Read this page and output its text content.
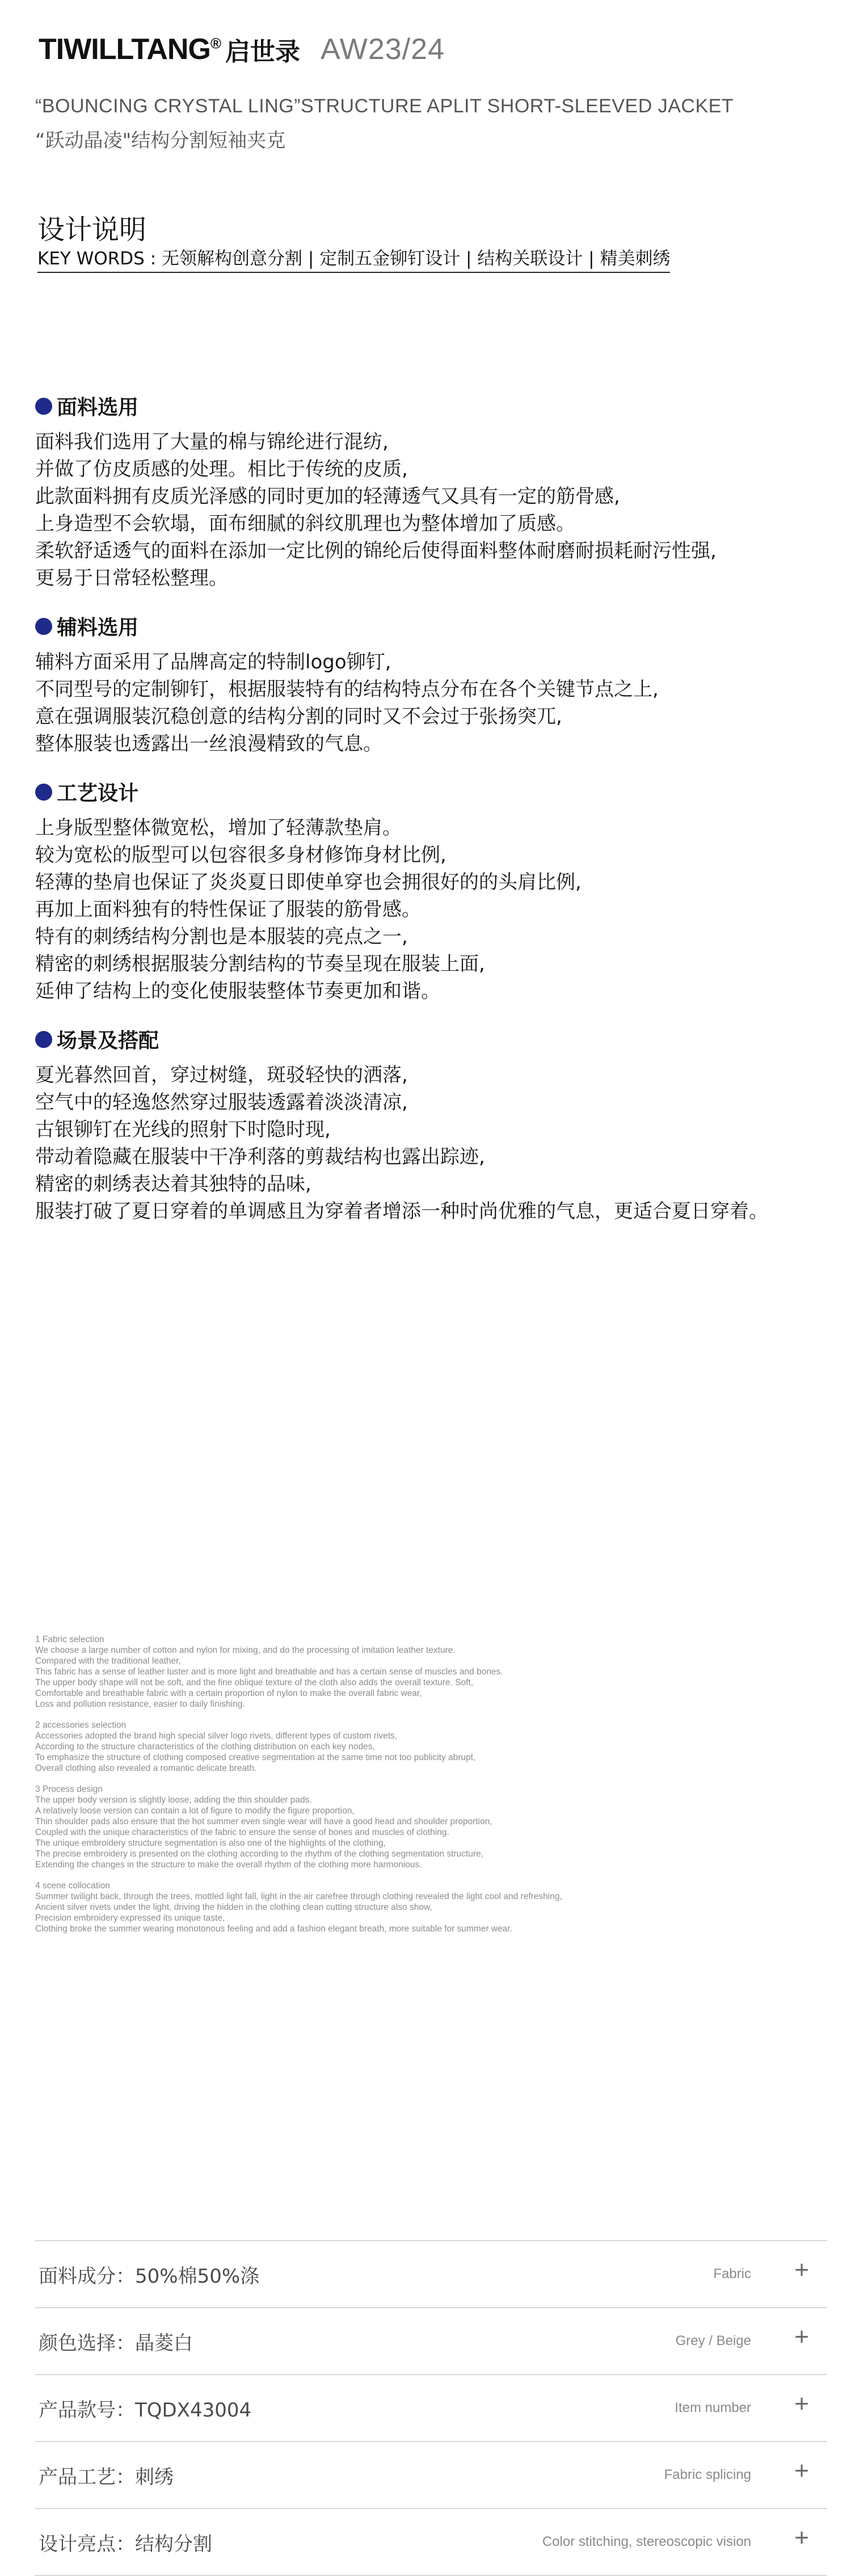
TIWILLTANG® 启世录 AW23/24
“BOUNCING CRYSTAL LING”STRUCTURE APLIT SHORT-SLEEVED JACKET
“跃动晶凌"结构分割短袖夹克
设计说明
KEY WORDS : 无领解构创意分割 | 定制五金铆钉设计 | 结构关联设计 | 精美刺绣
面料选用
面料我们选用了大量的棉与锦纶进行混纺,
并做了仿皮质感的处理。相比于传统的皮质,
此款面料拥有皮质光泽感的同时更加的轻薄透气又具有一定的筋骨感,
上身造型不会软塌，面布细腻的斜纹肌理也为整体增加了质感。
柔软舒适透气的面料在添加一定比例的锦纶后使得面料整体耐磨耐损耗耐污性强,
更易于日常轻松整理。
辅料选用
辅料方面采用了品牌高定的特制logo铆钉,
不同型号的定制铆钉，根据服装特有的结构特点分布在各个关键节点之上,
意在强调服装沉稳创意的结构分割的同时又不会过于张扬突兀,
整体服装也透露出一丝浪漫精致的气息。
工艺设计
上身版型整体微宽松，增加了轻薄款垫肩。
较为宽松的版型可以包容很多身材修饰身材比例,
轻薄的垫肩也保证了炎炎夏日即使单穿也会拥很好的的头肩比例,
再加上面料独有的特性保证了服装的筋骨感。
特有的刺绣结构分割也是本服装的亮点之一,
精密的刺绣根据服装分割结构的节奏呈现在服装上面,
延伸了结构上的变化使服装整体节奏更加和谐。
场景及搭配
夏光暮然回首，穿过树缝，斑驳轻快的洒落,
空气中的轻逸悠然穿过服装透露着淡淡清凉,
古银铆钉在光线的照射下时隐时现,
带动着隐藏在服装中干净利落的剪裁结构也露出踪迹,
精密的刺绣表达着其独特的品味,
服装打破了夏日穿着的单调感且为穿着者增添一种时尚优雅的气息，更适合夏日穿着。
1 Fabric selection
We choose a large number of cotton and nylon for mixing, and do the processing of imitation leather texture.
Compared with the traditional leather,
This fabric has a sense of leather luster and is more light and breathable and has a certain sense of muscles and bones.
The upper body shape will not be soft, and the fine oblique texture of the cloth also adds the overall texture. Soft,
Comfortable and breathable fabric with a certain proportion of nylon to make the overall fabric wear,
Loss and pollution resistance, easier to daily finishing.
2 accessories selection
Accessories adopted the brand high special silver logo rivets, different types of custom rivets,
According to the structure characteristics of the clothing distribution on each key nodes,
To emphasize the structure of clothing composed creative segmentation at the same time not too publicity abrupt,
Overall clothing also revealed a romantic delicate breath.
3 Process design
The upper body version is slightly loose, adding the thin shoulder pads.
A relatively loose version can contain a lot of figure to modify the figure proportion,
Thin shoulder pads also ensure that the hot summer even single wear will have a good head and shoulder proportion,
Coupled with the unique characteristics of the fabric to ensure the sense of bones and muscles of clothing.
The unique embroidery structure segmentation is also one of the highlights of the clothing,
The precise embroidery is presented on the clothing according to the rhythm of the clothing segmentation structure,
Extending the changes in the structure to make the overall rhythm of the clothing more harmonious.
4 scene collocation
Summer twilight back, through the trees, mottled light fall, light in the air carefree through clothing revealed the light cool and refreshing,
Ancient silver rivets under the light, driving the hidden in the clothing clean cutting structure also show,
Precision embroidery expressed its unique taste,
Clothing broke the summer wearing monotonous feeling and add a fashion elegant breath, more suitable for summer wear.
面料成分：50%棉50%涤	Fabric +
颜色选择：晶菱白	Grey / Beige +
产品款号：TQDX43004	Item number +
产品工艺：刺绣	Fabric splicing +
设计亮点：结构分割	Color stitching, stereoscopic vision +
